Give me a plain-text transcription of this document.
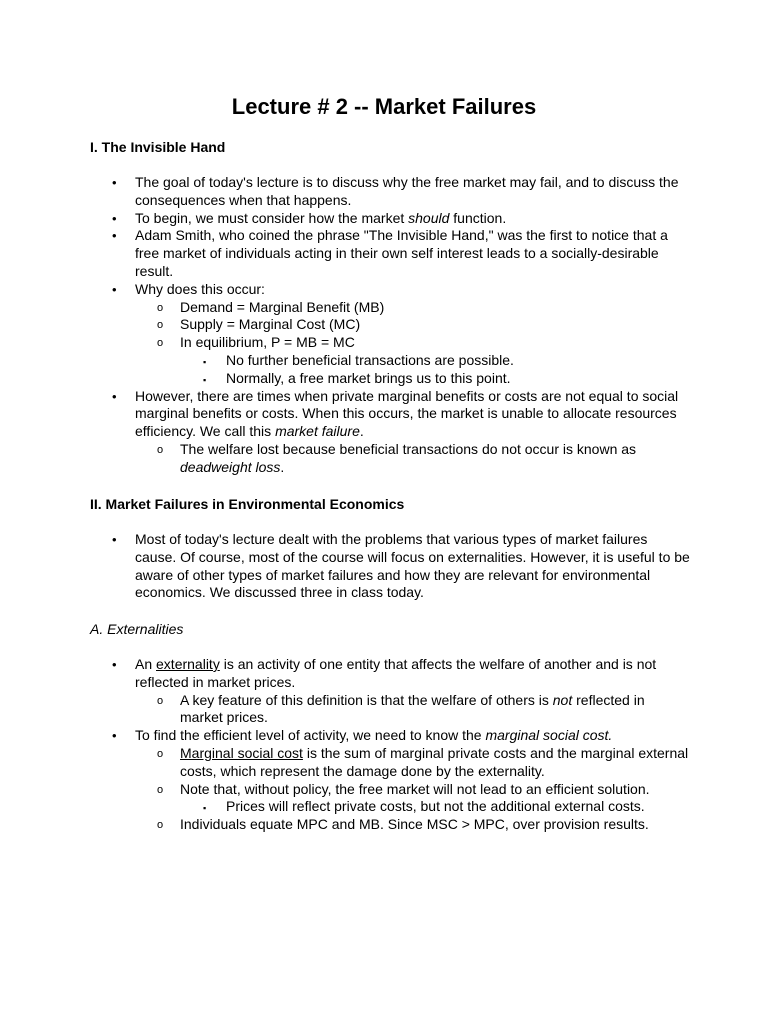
Lecture # 2 -- Market Failures
I. The Invisible Hand
• The goal of today's lecture is to discuss why the free market may fail, and to discuss the consequences when that happens.
• To begin, we must consider how the market should function.
• Adam Smith, who coined the phrase "The Invisible Hand," was the first to notice that a free market of individuals acting in their own self interest leads to a socially-desirable result.
• Why does this occur:
o Demand = Marginal Benefit (MB)
o Supply = Marginal Cost (MC)
o In equilibrium, P = MB = MC
▪ No further beneficial transactions are possible.
▪ Normally, a free market brings us to this point.
• However, there are times when private marginal benefits or costs are not equal to social marginal benefits or costs. When this occurs, the market is unable to allocate resources efficiency. We call this market failure.
o The welfare lost because beneficial transactions do not occur is known as deadweight loss.
II. Market Failures in Environmental Economics
• Most of today's lecture dealt with the problems that various types of market failures cause. Of course, most of the course will focus on externalities. However, it is useful to be aware of other types of market failures and how they are relevant for environmental economics. We discussed three in class today.
A. Externalities
• An externality is an activity of one entity that affects the welfare of another and is not reflected in market prices.
o A key feature of this definition is that the welfare of others is not reflected in market prices.
• To find the efficient level of activity, we need to know the marginal social cost.
o Marginal social cost is the sum of marginal private costs and the marginal external costs, which represent the damage done by the externality.
o Note that, without policy, the free market will not lead to an efficient solution.
▪ Prices will reflect private costs, but not the additional external costs.
o Individuals equate MPC and MB. Since MSC > MPC, over provision results.
